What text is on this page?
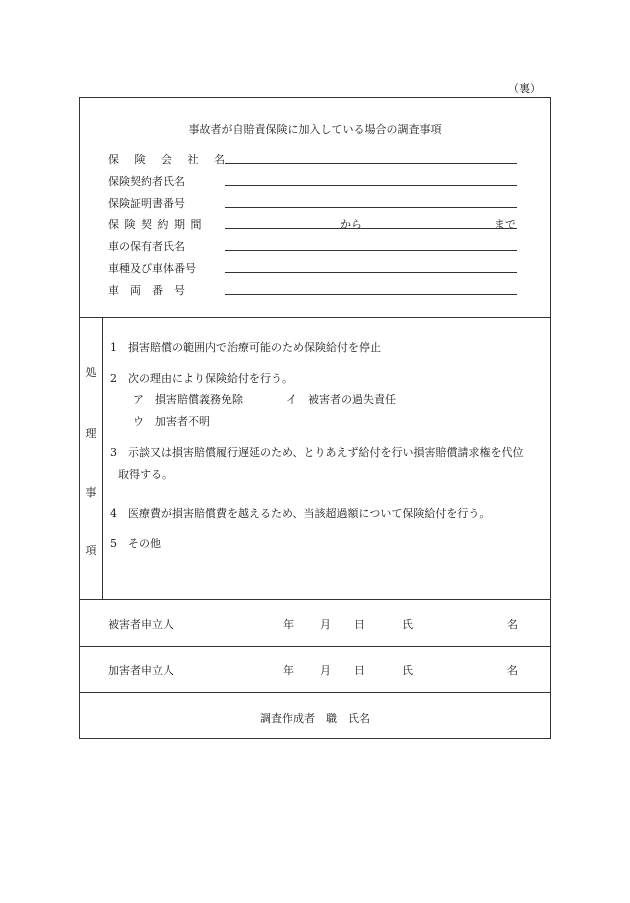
（裏）
事故者が自賠責保険に加入している場合の調査事項
保 険 会 社 名
保険契約者氏名
保険証明書番号
保 険 契 約 期 間	から	まで
車の保有者氏名
車種及び車体番号
車　両　番　号
処
理
事
項
1　損害賠償の範囲内で治療可能のため保険給付を停止
2　次の理由により保険給付を行う。
ア　損害賠償義務免除	イ　被害者の過失責任
ウ　加害者不明
3　示談又は損害賠償履行遅延のため、とりあえず給付を行い損害賠償請求権を代位
取得する。
4　医療費が損害賠償費を越えるため、当該超過額について保険給付を行う。
5　その他
被害者申立人	年 月 日	氏	名
加害者申立人	年 月 日	氏	名
調査作成者　職　氏名
